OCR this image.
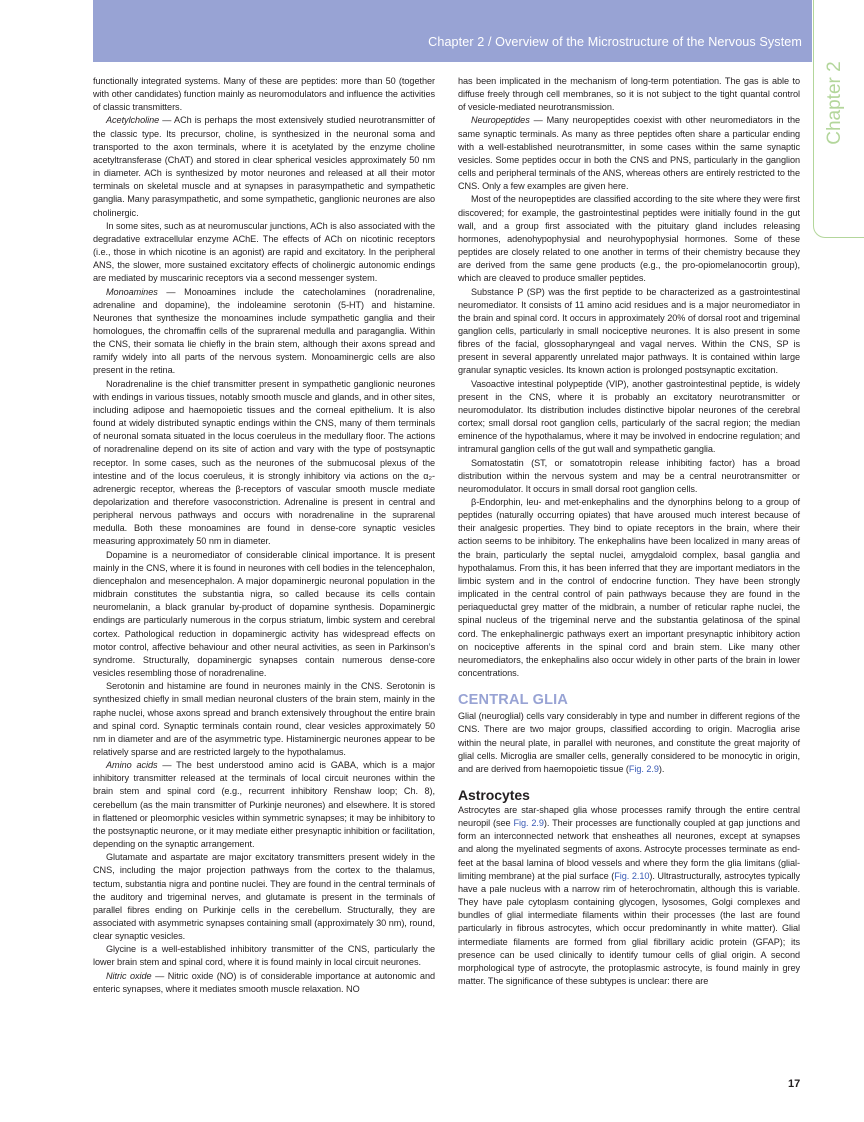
Chapter 2 / Overview of the Microstructure of the Nervous System
Chapter 2

functionally integrated systems. Many of these are peptides: more than 50 (together with other candidates) function mainly as neuromodulators and influence the activities of classic transmitters.

Acetylcholine — ACh is perhaps the most extensively studied neurotransmitter of the classic type. Its precursor, choline, is synthesized in the neuronal soma and transported to the axon terminals, where it is acetylated by the enzyme choline acetyltransferase (ChAT) and stored in clear spherical vesicles approximately 50 nm in diameter. ACh is synthesized by motor neurones and released at all their motor terminals on skeletal muscle and at synapses in parasympathetic and sympathetic ganglia. Many parasympathetic, and some sympathetic, ganglionic neurones are also cholinergic.

In some sites, such as at neuromuscular junctions, ACh is also associated with the degradative extracellular enzyme AChE. The effects of ACh on nicotinic receptors (i.e., those in which nicotine is an agonist) are rapid and excitatory. In the peripheral ANS, the slower, more sustained excitatory effects of cholinergic autonomic endings are mediated by muscarinic receptors via a second messenger system.

Monoamines — Monoamines include the catecholamines (noradrenaline, adrenaline and dopamine), the indoleamine serotonin (5-HT) and histamine. Neurones that synthesize the monoamines include sympathetic ganglia and their homologues, the chromaffin cells of the suprarenal medulla and paraganglia. Within the CNS, their somata lie chiefly in the brain stem, although their axons spread and ramify widely into all parts of the nervous system. Monoaminergic cells are also present in the retina.

Noradrenaline is the chief transmitter present in sympathetic ganglionic neurones with endings in various tissues, notably smooth muscle and glands, and in other sites, including adipose and haemopoietic tissues and the corneal epithelium. It is also found at widely distributed synaptic endings within the CNS, many of them terminals of neuronal somata situated in the locus coeruleus in the medullary floor. The actions of noradrenaline depend on its site of action and vary with the type of postsynaptic receptor. In some cases, such as the neurones of the submucosal plexus of the intestine and of the locus coeruleus, it is strongly inhibitory via actions on the α₂-adrenergic receptor, whereas the β-receptors of vascular smooth muscle mediate depolarization and therefore vasoconstriction. Adrenaline is present in central and peripheral nervous pathways and occurs with noradrenaline in the suprarenal medulla. Both these monoamines are found in dense-core synaptic vesicles measuring approximately 50 nm in diameter.

Dopamine is a neuromediator of considerable clinical importance. It is present mainly in the CNS, where it is found in neurones with cell bodies in the telencephalon, diencephalon and mesencephalon. A major dopaminergic neuronal population in the midbrain constitutes the substantia nigra, so called because its cells contain neuromelanin, a black granular by-product of dopamine synthesis. Dopaminergic endings are particularly numerous in the corpus striatum, limbic system and cerebral cortex. Pathological reduction in dopaminergic activity has widespread effects on motor control, affective behaviour and other neural activities, as seen in Parkinson’s syndrome. Structurally, dopaminergic synapses contain numerous dense-core vesicles resembling those of noradrenaline.

Serotonin and histamine are found in neurones mainly in the CNS. Serotonin is synthesized chiefly in small median neuronal clusters of the brain stem, mainly in the raphe nuclei, whose axons spread and branch extensively throughout the entire brain and spinal cord. Synaptic terminals contain round, clear vesicles approximately 50 nm in diameter and are of the asymmetric type. Histaminergic neurones appear to be relatively sparse and are restricted largely to the hypothalamus.

Amino acids — The best understood amino acid is GABA, which is a major inhibitory transmitter released at the terminals of local circuit neurones within the brain stem and spinal cord (e.g., recurrent inhibitory Renshaw loop; Ch. 8), cerebellum (as the main transmitter of Purkinje neurones) and elsewhere. It is stored in flattened or pleomorphic vesicles within symmetric synapses; it may be inhibitory to the postsynaptic neurone, or it may mediate either presynaptic inhibition or facilitation, depending on the synaptic arrangement.

Glutamate and aspartate are major excitatory transmitters present widely in the CNS, including the major projection pathways from the cortex to the thalamus, tectum, substantia nigra and pontine nuclei. They are found in the central terminals of the auditory and trigeminal nerves, and glutamate is present in the terminals of parallel fibres ending on Purkinje cells in the cerebellum. Structurally, they are associated with asymmetric synapses containing small (approximately 30 nm), round, clear synaptic vesicles.

Glycine is a well-established inhibitory transmitter of the CNS, particularly the lower brain stem and spinal cord, where it is found mainly in local circuit neurones.

Nitric oxide — Nitric oxide (NO) is of considerable importance at autonomic and enteric synapses, where it mediates smooth muscle relaxation. NO

has been implicated in the mechanism of long-term potentiation. The gas is able to diffuse freely through cell membranes, so it is not subject to the tight quantal control of vesicle-mediated neurotransmission.

Neuropeptides — Many neuropeptides coexist with other neuromediators in the same synaptic terminals. As many as three peptides often share a particular ending with a well-established neurotransmitter, in some cases within the same synaptic vesicles. Some peptides occur in both the CNS and PNS, particularly in the ganglion cells and peripheral terminals of the ANS, whereas others are entirely restricted to the CNS. Only a few examples are given here.

Most of the neuropeptides are classified according to the site where they were first discovered; for example, the gastrointestinal peptides were initially found in the gut wall, and a group first associated with the pituitary gland includes releasing hormones, adenohypophysial and neurohypophysial hormones. Some of these peptides are closely related to one another in terms of their chemistry because they are derived from the same gene products (e.g., the pro-opiomelanocortin group), which are cleaved to produce smaller peptides.

Substance P (SP) was the first peptide to be characterized as a gastrointestinal neuromediator. It consists of 11 amino acid residues and is a major neuromediator in the brain and spinal cord. It occurs in approximately 20% of dorsal root and trigeminal ganglion cells, particularly in small nociceptive neurones. It is also present in some fibres of the facial, glossopharyngeal and vagal nerves. Within the CNS, SP is present in several apparently unrelated major pathways. It is contained within large granular synaptic vesicles. Its known action is prolonged postsynaptic excitation.

Vasoactive intestinal polypeptide (VIP), another gastrointestinal peptide, is widely present in the CNS, where it is probably an excitatory neurotransmitter or neuromodulator. Its distribution includes distinctive bipolar neurones of the cerebral cortex; small dorsal root ganglion cells, particularly of the sacral region; the median eminence of the hypothalamus, where it may be involved in endocrine regulation; and intramural ganglion cells of the gut wall and sympathetic ganglia.

Somatostatin (ST, or somatotropin release inhibiting factor) has a broad distribution within the nervous system and may be a central neurotransmitter or neuromodulator. It occurs in small dorsal root ganglion cells.

β-Endorphin, leu- and met-enkephalins and the dynorphins belong to a group of peptides (naturally occurring opiates) that have aroused much interest because of their analgesic properties. They bind to opiate receptors in the brain, where their action seems to be inhibitory. The enkephalins have been localized in many areas of the brain, particularly the septal nuclei, amygdaloid complex, basal ganglia and hypothalamus. From this, it has been inferred that they are important mediators in the limbic system and in the control of endocrine function. They have been strongly implicated in the central control of pain pathways because they are found in the periaqueductal grey matter of the midbrain, a number of reticular raphe nuclei, the spinal nucleus of the trigeminal nerve and the substantia gelatinosa of the spinal cord. The enkephalinergic pathways exert an important presynaptic inhibitory action on nociceptive afferents in the spinal cord and brain stem. Like many other neuromediators, the enkephalins also occur widely in other parts of the brain in lower concentrations.

CENTRAL GLIA

Glial (neuroglial) cells vary considerably in type and number in different regions of the CNS. There are two major groups, classified according to origin. Macroglia arise within the neural plate, in parallel with neurones, and constitute the great majority of glial cells. Microglia are smaller cells, generally considered to be monocytic in origin, and are derived from haemopoietic tissue (Fig. 2.9).

Astrocytes

Astrocytes are star-shaped glia whose processes ramify through the entire central neuropil (see Fig. 2.9). Their processes are functionally coupled at gap junctions and form an interconnected network that ensheathes all neurones, except at synapses and along the myelinated segments of axons. Astrocyte processes terminate as end-feet at the basal lamina of blood vessels and where they form the glia limitans (glial-limiting membrane) at the pial surface (Fig. 2.10). Ultrastructurally, astrocytes typically have a pale nucleus with a narrow rim of heterochromatin, although this is variable. They have pale cytoplasm containing glycogen, lysosomes, Golgi complexes and bundles of glial intermediate filaments within their processes (the last are found particularly in fibrous astrocytes, which occur predominantly in white matter). Glial intermediate filaments are formed from glial fibrillary acidic protein (GFAP); its presence can be used clinically to identify tumour cells of glial origin. A second morphological type of astrocyte, the protoplasmic astrocyte, is found mainly in grey matter. The significance of these subtypes is unclear: there are

17
